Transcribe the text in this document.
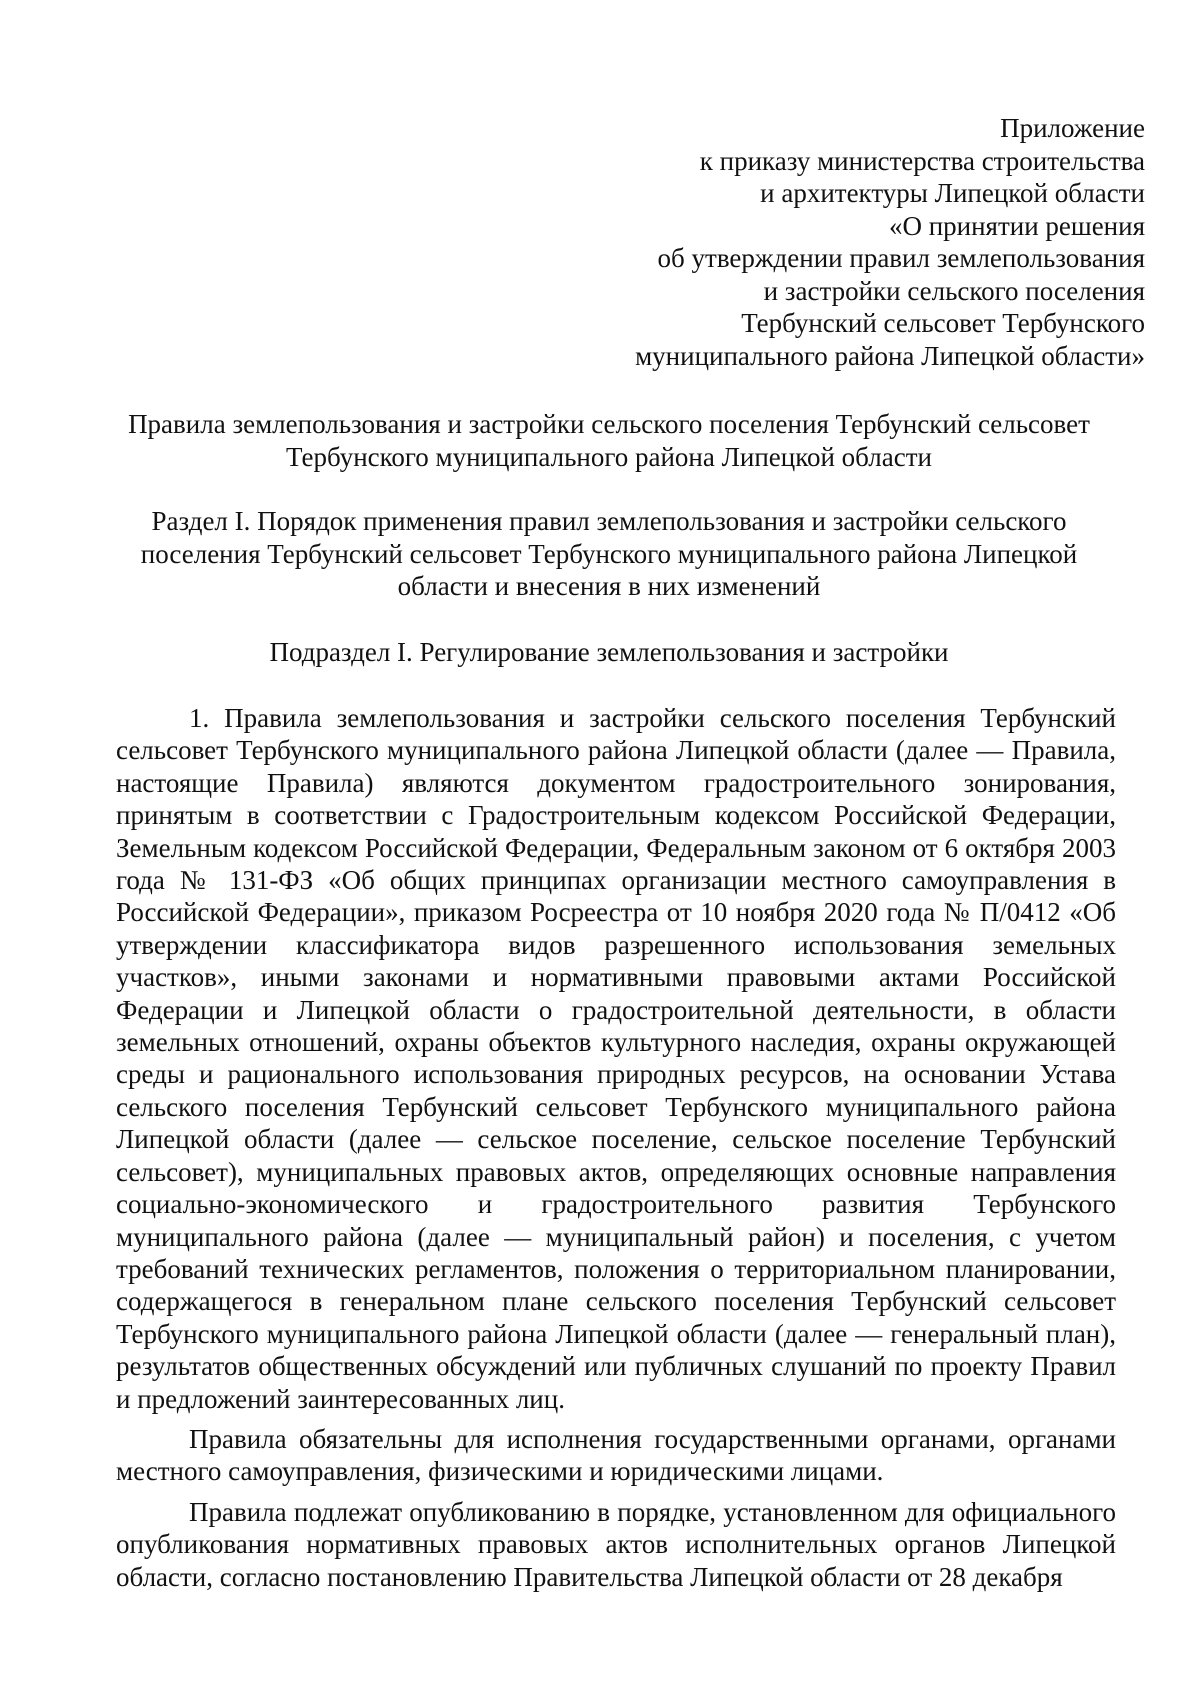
Приложение
к приказу министерства строительства
и архитектуры Липецкой области
«О принятии решения
об утверждении правил землепользования
и застройки сельского поселения
Тербунский сельсовет Тербунского
муниципального района Липецкой области»
Правила землепользования и застройки сельского поселения Тербунский сельсовет Тербунского муниципального района Липецкой области
Раздел I. Порядок применения правил землепользования и застройки сельского поселения Тербунский сельсовет Тербунского муниципального района Липецкой области и внесения в них изменений
Подраздел I. Регулирование землепользования и застройки

1. Правила землепользования и застройки сельского поселения Тербунский сельсовет Тербунского муниципального района Липецкой области (далее — Правила, настоящие Правила) являются документом градостроительного зонирования, принятым в соответствии с Градостроительным кодексом Российской Федерации, Земельным кодексом Российской Федерации, Федеральным законом от 6 октября 2003 года № 131-ФЗ «Об общих принципах организации местного самоуправления в Российской Федерации», приказом Росреестра от 10 ноября 2020 года № П/0412 «Об утверждении классификатора видов разрешенного использования земельных участков», иными законами и нормативными правовыми актами Российской Федерации и Липецкой области о градостроительной деятельности, в области земельных отношений, охраны объектов культурного наследия, охраны окружающей среды и рационального использования природных ресурсов, на основании Устава сельского поселения Тербунский сельсовет Тербунского муниципального района Липецкой области (далее — сельское поселение, сельское поселение Тербунский сельсовет), муниципальных правовых актов, определяющих основные направления социально-экономического и градостроительного развития Тербунского муниципального района (далее — муниципальный район) и поселения, с учетом требований технических регламентов, положения о территориальном планировании, содержащегося в генеральном плане сельского поселения Тербунский сельсовет Тербунского муниципального района Липецкой области (далее — генеральный план), результатов общественных обсуждений или публичных слушаний по проекту Правил и предложений заинтересованных лиц.

Правила обязательны для исполнения государственными органами, органами местного самоуправления, физическими и юридическими лицами.

Правила подлежат опубликованию в порядке, установленном для официального опубликования нормативных правовых актов исполнительных органов Липецкой области, согласно постановлению Правительства Липецкой области от 28 декабря
